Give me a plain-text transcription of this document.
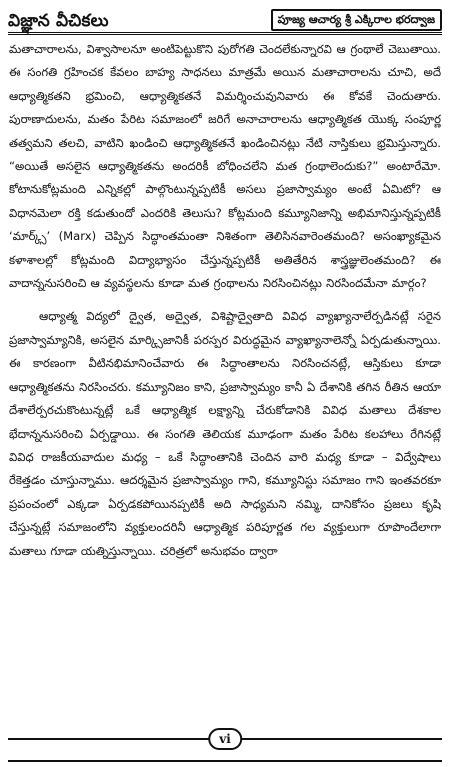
విజ్ఞాన వీచికలు	పూజ్య ఆచార్య శ్రీ ఎక్కిరాల భరద్వాజ

మతాచారాలను, విశ్వాసాలనూ అంటిపెట్టుకొని పురోగతి చెందలేకున్నారవి ఆ గ్రంథాలే చెబుతాయి. ఈ సంగతి గ్రహించక కేవలం బాహ్య సాధనలు మాత్రమే అయిన మతాచారాలను చూచి, అదే ఆధ్యాత్మికతని భ్రమించి, ఆధ్యాత్మికతనే విమర్శించువునివారు ఈ కోవకే చెందుతారు. పురాణాదులను, మతం పేరిట సమాజంలో జరిగే అనాచారాలను ఆధ్యాత్మికత యొక్క సంపూర్ణ తత్వమని తలచి, వాటిని ఖండించి ఆధ్యాత్మికతనే ఖండించినట్లు నేటి నాస్తికులు భ్రమిస్తున్నారు. “అయితే అసలైన ఆధ్యాత్మికతను అందరికీ బోధించలేని మత గ్రంథాలెందుకు?” అంటారేమో. కోటానుకోట్లమంది ఎన్నికల్లో పాల్గొంటున్నప్పటికీ అసలు ప్రజాస్వామ్యం అంటే ఏమిటో? ఆ విధానమెలా రక్తి కడుతుందో ఎందరికి తెలుసు? కోట్లమంది కమ్యూనిజాన్ని అభిమానిస్తున్నప్పటికీ ‘మార్క్స్’ (Marx) చెప్పిన సిద్ధాంతమంతా నిశితంగా తెలిసినవారెంతమంది? అసంఖ్యాకమైన కళాశాలల్లో కోట్లమంది విద్యాభ్యాసం చేస్తున్నప్పటికీ అతితేరిన శాస్త్రజ్ఞులెంతమంది? ఈ వాదాన్ననుసరించి ఆ వ్యవస్థలను కూడా మత గ్రంథాలను నిరసించినట్లు నిరసిందమేనా మార్గం?

ఆధ్యాత్మ విద్యలో ద్వైత, అద్వైత, విశిష్టాద్వైతాది వివిధ వ్యాఖ్యానాలేర్పడినట్లే సరైన ప్రజాస్వామ్యానికి, అసలైన మార్క్సిజానికీ పరస్పర విరుద్ధమైన వ్యాఖ్యానాలెన్నో ఏర్పడుతున్నాయి. ఈ కారణంగా వీటినభిమానించేవారు ఈ సిద్ధాంతాలను నిరసించనట్లే, ఆస్తికులు కూడా ఆధ్యాత్మికతను నిరసించరు. కమ్యూనిజం కాని, ప్రజాస్వామ్యం కానీ ఏ దేశానికి తగిన రీతిన ఆయా దేశాలేర్పరచుకొంటున్నట్లే ఒకే ఆధ్యాత్మిక లక్ష్యాన్ని చేరుకోడానికి వివిధ మతాలు దేశకాల భేదాన్ననుసరించి ఏర్పడ్డాయి. ఈ సంగతి తెలియక మూఢంగా మతం పేరిట కలహాలు రేగినట్లే వివిధ రాజకీయవాదుల మధ్య – ఒకే సిద్ధాంతానికి చెందిన వారి మధ్య కూడా – విద్వేషాలు రేకెత్తడం చూస్తున్నాము. ఆదర్శమైన ప్రజాస్వామ్యం గాని, కమ్యూనిస్టు సమాజం గాని ఇంతవరకూ ప్రపంచంలో ఎక్కడా ఏర్పడకపోయినప్పటికీ అది సాధ్యమని నమ్మి, దానికోసం ప్రజలు కృషి చేస్తున్నట్లే సమాజంలోని వ్యక్తులందరినీ ఆధ్యాత్మిక పరిపూర్ణత గల వ్యక్తులుగా రూపొందేలాగా మతాలు గూడా యత్నిస్తున్నాయి. చరిత్రలో అనుభవం ద్వారా

vi
